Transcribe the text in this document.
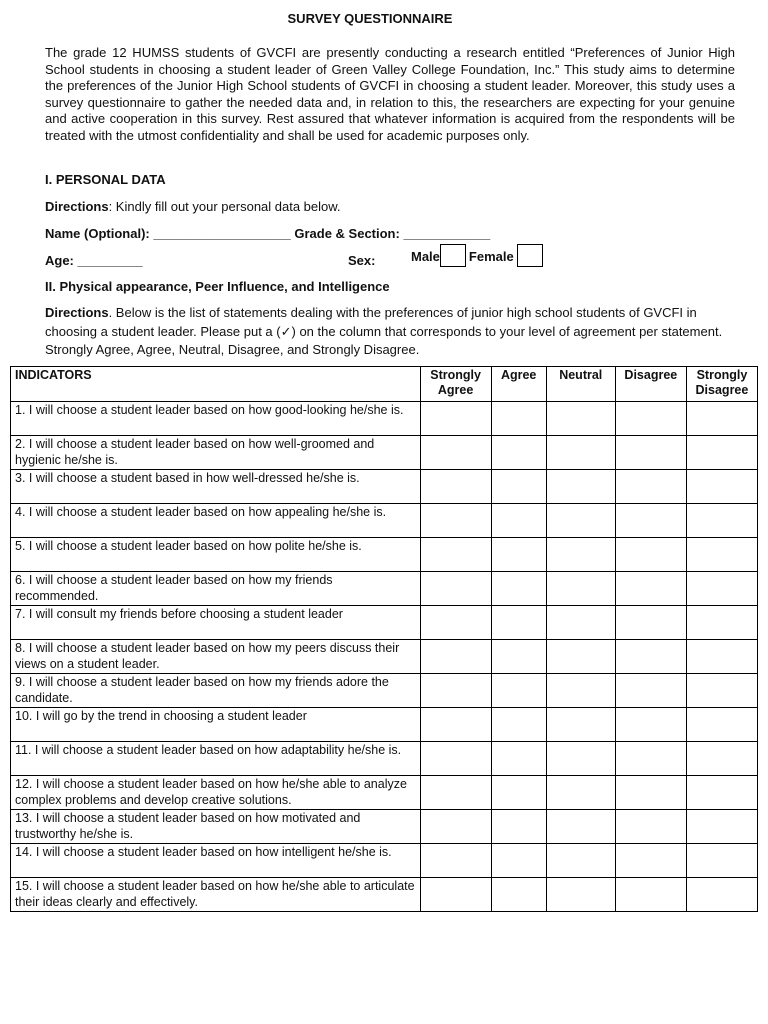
SURVEY QUESTIONNAIRE
The grade 12 HUMSS students of GVCFI are presently conducting a research entitled “Preferences of Junior High School students in choosing a student leader of Green Valley College Foundation, Inc.” This study aims to determine the preferences of the Junior High School students of GVCFI in choosing a student leader. Moreover, this study uses a survey questionnaire to gather the needed data and, in relation to this, the researchers are expecting for your genuine and active cooperation in this survey. Rest assured that whatever information is acquired from the respondents will be treated with the utmost confidentiality and shall be used for academic purposes only.
I. PERSONAL DATA
Directions: Kindly fill out your personal data below.
Name (Optional): ___________________ Grade & Section: ____________
Age: _________	Sex:	Male Female
II. Physical appearance, Peer Influence, and Intelligence
Directions. Below is the list of statements dealing with the preferences of junior high school students of GVCFI in choosing a student leader. Please put a (✓) on the column that corresponds to your level of agreement per statement. Strongly Agree, Agree, Neutral, Disagree, and Strongly Disagree.
INDICATORS	Strongly Agree	Agree	Neutral	Disagree	Strongly Disagree
1. I will choose a student leader based on how good-looking he/she is.					
2. I will choose a student leader based on how well-groomed and hygienic he/she is.					
3. I will choose a student based in how well-dressed he/she is.					
4. I will choose a student leader based on how appealing he/she is.					
5. I will choose a student leader based on how polite he/she is.					
6. I will choose a student leader based on how my friends recommended.					
7. I will consult my friends before choosing a student leader					
8. I will choose a student leader based on how my peers discuss their views on a student leader.					
9. I will choose a student leader based on how my friends adore the candidate.					
10. I will go by the trend in choosing a student leader					
11. I will choose a student leader based on how adaptability he/she is.					
12. I will choose a student leader based on how he/she able to analyze complex problems and develop creative solutions.					
13. I will choose a student leader based on how motivated and trustworthy he/she is.					
14. I will choose a student leader based on how intelligent he/she is.					
15. I will choose a student leader based on how he/she able to articulate their ideas clearly and effectively.					
